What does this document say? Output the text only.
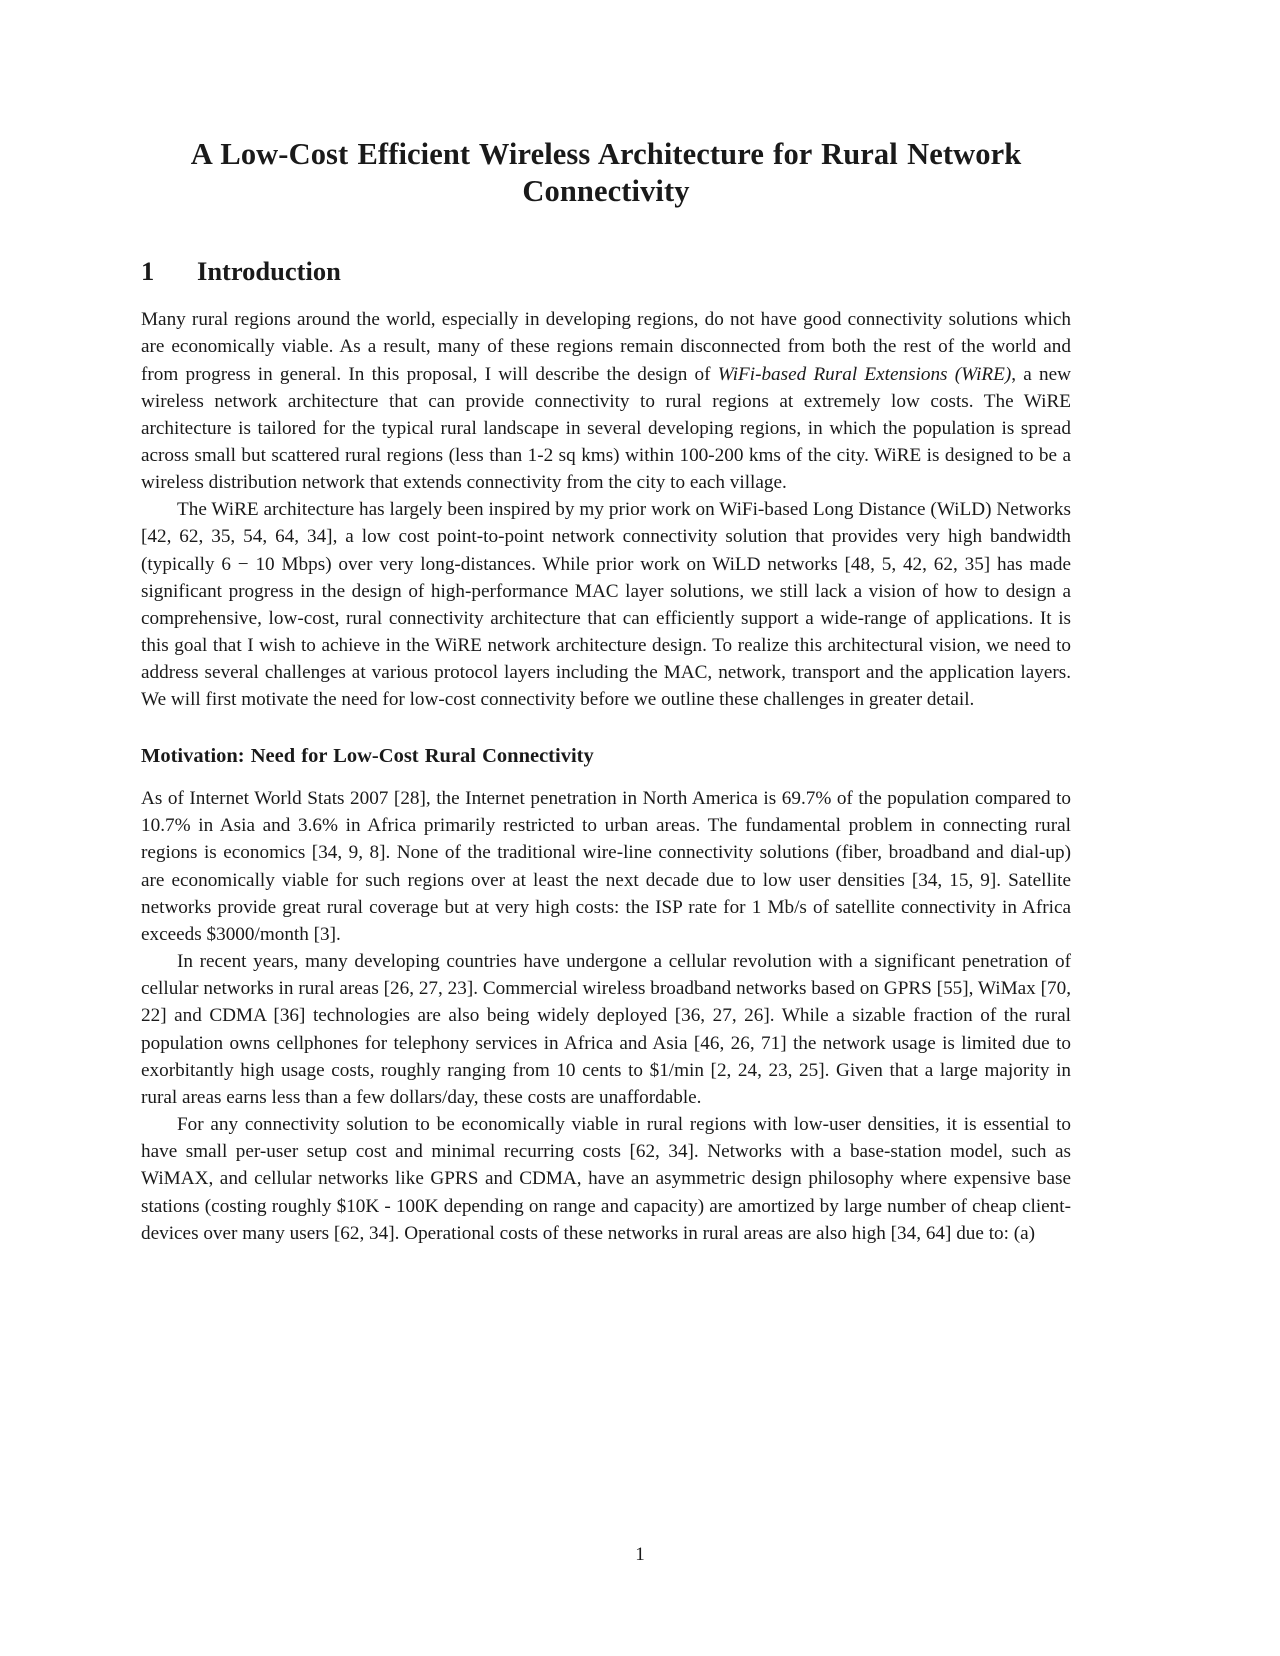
A Low-Cost Efficient Wireless Architecture for Rural Network Connectivity
1	Introduction

Many rural regions around the world, especially in developing regions, do not have good connectivity solutions which are economically viable. As a result, many of these regions remain disconnected from both the rest of the world and from progress in general. In this proposal, I will describe the design of WiFi-based Rural Extensions (WiRE), a new wireless network architecture that can provide connectivity to rural regions at extremely low costs. The WiRE architecture is tailored for the typical rural landscape in several developing regions, in which the population is spread across small but scattered rural regions (less than 1-2 sq kms) within 100-200 kms of the city. WiRE is designed to be a wireless distribution network that extends connectivity from the city to each village.

The WiRE architecture has largely been inspired by my prior work on WiFi-based Long Distance (WiLD) Networks [42, 62, 35, 54, 64, 34], a low cost point-to-point network connectivity solution that provides very high bandwidth (typically 6 − 10 Mbps) over very long-distances. While prior work on WiLD networks [48, 5, 42, 62, 35] has made significant progress in the design of high-performance MAC layer solutions, we still lack a vision of how to design a comprehensive, low-cost, rural connectivity architecture that can efficiently support a wide-range of applications. It is this goal that I wish to achieve in the WiRE network architecture design. To realize this architectural vision, we need to address several challenges at various protocol layers including the MAC, network, transport and the application layers. We will first motivate the need for low-cost connectivity before we outline these challenges in greater detail.

Motivation: Need for Low-Cost Rural Connectivity

As of Internet World Stats 2007 [28], the Internet penetration in North America is 69.7% of the population compared to 10.7% in Asia and 3.6% in Africa primarily restricted to urban areas. The fundamental problem in connecting rural regions is economics [34, 9, 8]. None of the traditional wire-line connectivity solutions (fiber, broadband and dial-up) are economically viable for such regions over at least the next decade due to low user densities [34, 15, 9]. Satellite networks provide great rural coverage but at very high costs: the ISP rate for 1 Mb/s of satellite connectivity in Africa exceeds $3000/month [3].

In recent years, many developing countries have undergone a cellular revolution with a significant penetration of cellular networks in rural areas [26, 27, 23]. Commercial wireless broadband networks based on GPRS [55], WiMax [70, 22] and CDMA [36] technologies are also being widely deployed [36, 27, 26]. While a sizable fraction of the rural population owns cellphones for telephony services in Africa and Asia [46, 26, 71] the network usage is limited due to exorbitantly high usage costs, roughly ranging from 10 cents to $1/min [2, 24, 23, 25]. Given that a large majority in rural areas earns less than a few dollars/day, these costs are unaffordable.

For any connectivity solution to be economically viable in rural regions with low-user densities, it is essential to have small per-user setup cost and minimal recurring costs [62, 34]. Networks with a base-station model, such as WiMAX, and cellular networks like GPRS and CDMA, have an asymmetric design philosophy where expensive base stations (costing roughly $10K - 100K depending on range and capacity) are amortized by large number of cheap client-devices over many users [62, 34]. Operational costs of these networks in rural areas are also high [34, 64] due to: (a)

1
